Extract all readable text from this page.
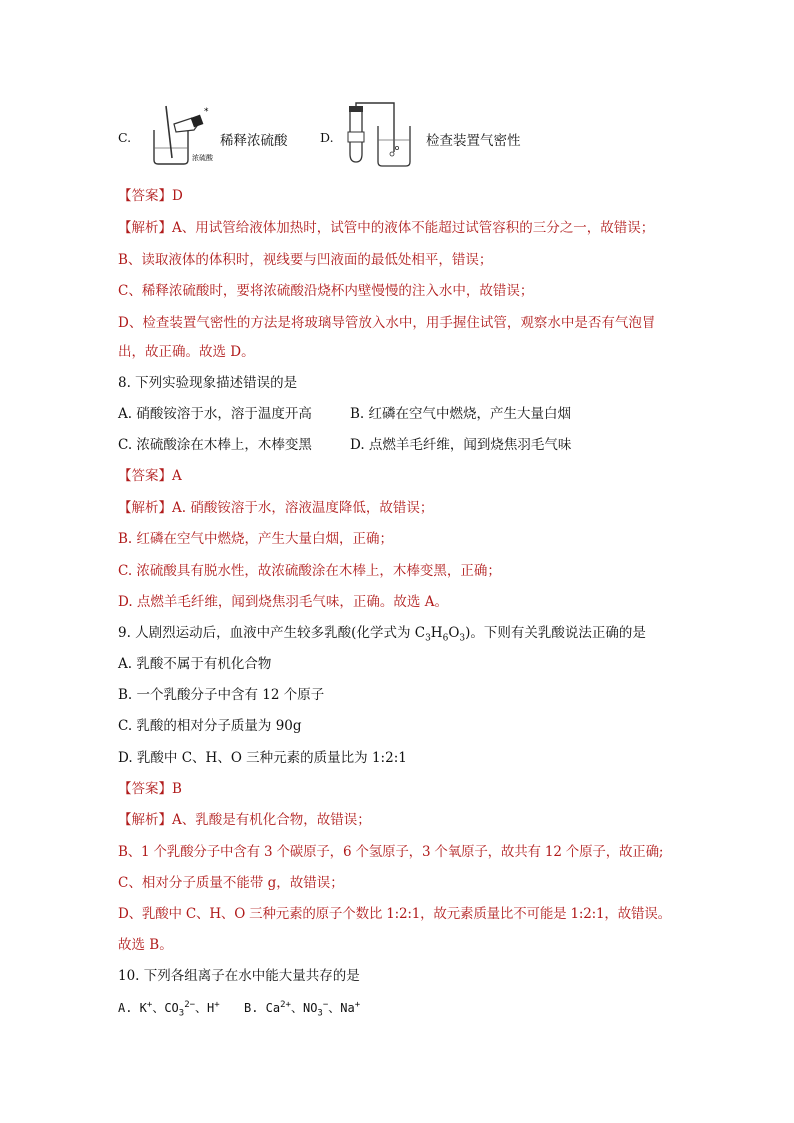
C.
*
浓硫酸
稀释浓硫酸	D.	检查装置气密性
【答案】D
【解析】A、用试管给液体加热时，试管中的液体不能超过试管容积的三分之一，故错误；
B、读取液体的体积时，视线要与凹液面的最低处相平，错误；
C、稀释浓硫酸时，要将浓硫酸沿烧杯内壁慢慢的注入水中，故错误；
D、检查装置气密性的方法是将玻璃导管放入水中，用手握住试管，观察水中是否有气泡冒
出，故正确。故选 D。
8. 下列实验现象描述错误的是
A. 硝酸铵溶于水，溶于温度开高	B. 红磷在空气中燃烧，产生大量白烟
C. 浓硫酸涂在木棒上，木棒变黑	D. 点燃羊毛纤维，闻到烧焦羽毛气味
【答案】A
【解析】A. 硝酸铵溶于水，溶液温度降低，故错误；
B. 红磷在空气中燃烧，产生大量白烟，正确；
C. 浓硫酸具有脱水性，故浓硫酸涂在木棒上，木棒变黑，正确；
D. 点燃羊毛纤维，闻到烧焦羽毛气味，正确。故选 A。
9. 人剧烈运动后，血液中产生较多乳酸(化学式为 $C_3H_6O_3$)。下则有关乳酸说法正确的是
A. 乳酸不属于有机化合物
B. 一个乳酸分子中含有 12 个原子
C. 乳酸的相对分子质量为 90g
D. 乳酸中 C、H、O 三种元素的质量比为 1:2:1
【答案】B
【解析】A、乳酸是有机化合物，故错误；
B、1 个乳酸分子中含有 3 个碳原子，6 个氢原子，3 个氧原子，故共有 12 个原子，故正确;
C、相对分子质量不能带 g，故错误；
D、乳酸中 C、H、O 三种元素的原子个数比 1:2:1，故元素质量比不可能是 1:2:1，故错误。
故选 B。
10. 下列各组离子在水中能大量共存的是
A. K+、$CO_3^{2-}$、H+ B. $Ca^{2+}$、$NO_3^-$、Na+
